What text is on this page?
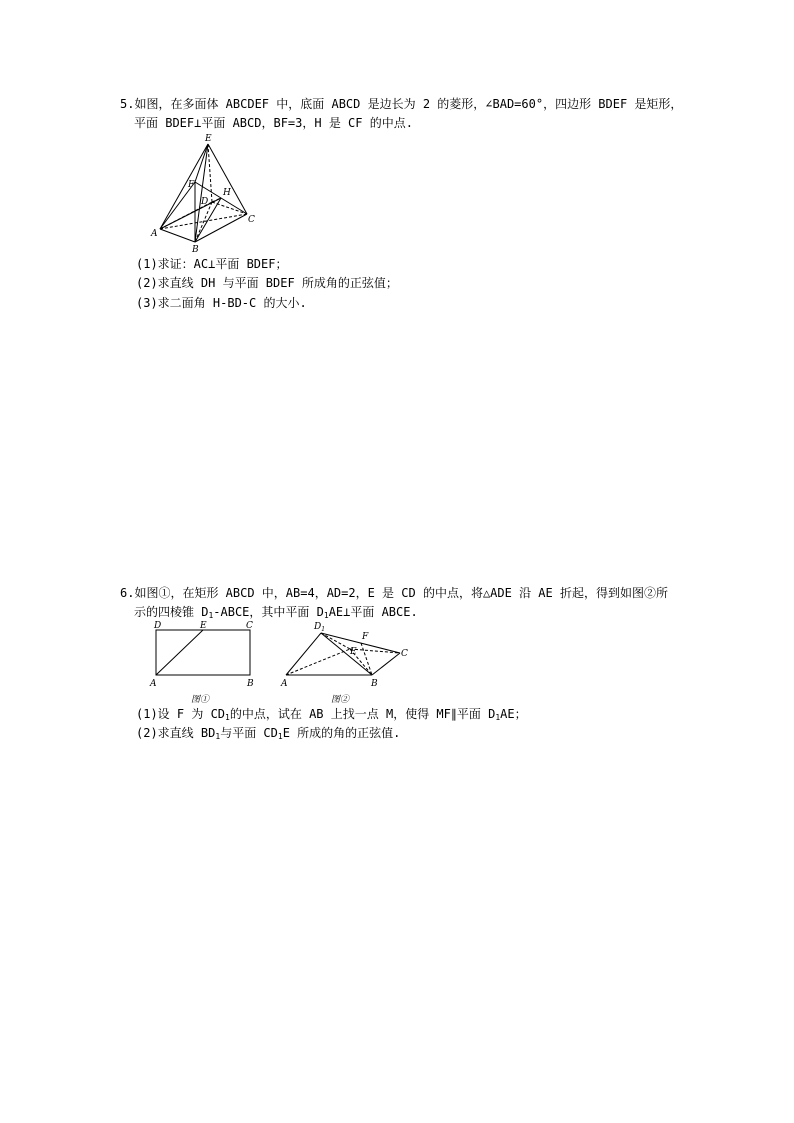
5.如图，在多面体 ABCDEF 中，底面 ABCD 是边长为 2 的菱形，∠BAD=60°，四边形 BDEF 是矩形，
平面 BDEF⊥平面 ABCD，BF=3，H 是 CF 的中点.
E
F
H
D
A
B
C
(1)求证：AC⊥平面 BDEF；
(2)求直线 DH 与平面 BDEF 所成角的正弦值；
(3)求二面角 H-BD-C 的大小.
6.如图①，在矩形 ABCD 中，AB=4，AD=2，E 是 CD 的中点，将△ADE 沿 AE 折起，得到如图②所
示的四棱锥 $D_1$-ABCE，其中平面 $D_1AE\perp$平面 ABCE.
D	E	C
A	B
图①
$D_1$
F
E	C
A	B
图②
(1)设 F 为 $CD_1$的中点，试在 AB 上找一点 M，使得 MF∥平面 $D_1AE$；
(2)求直线 $BD_1$与平面 $CD_1E$ 所成的角的正弦值.
